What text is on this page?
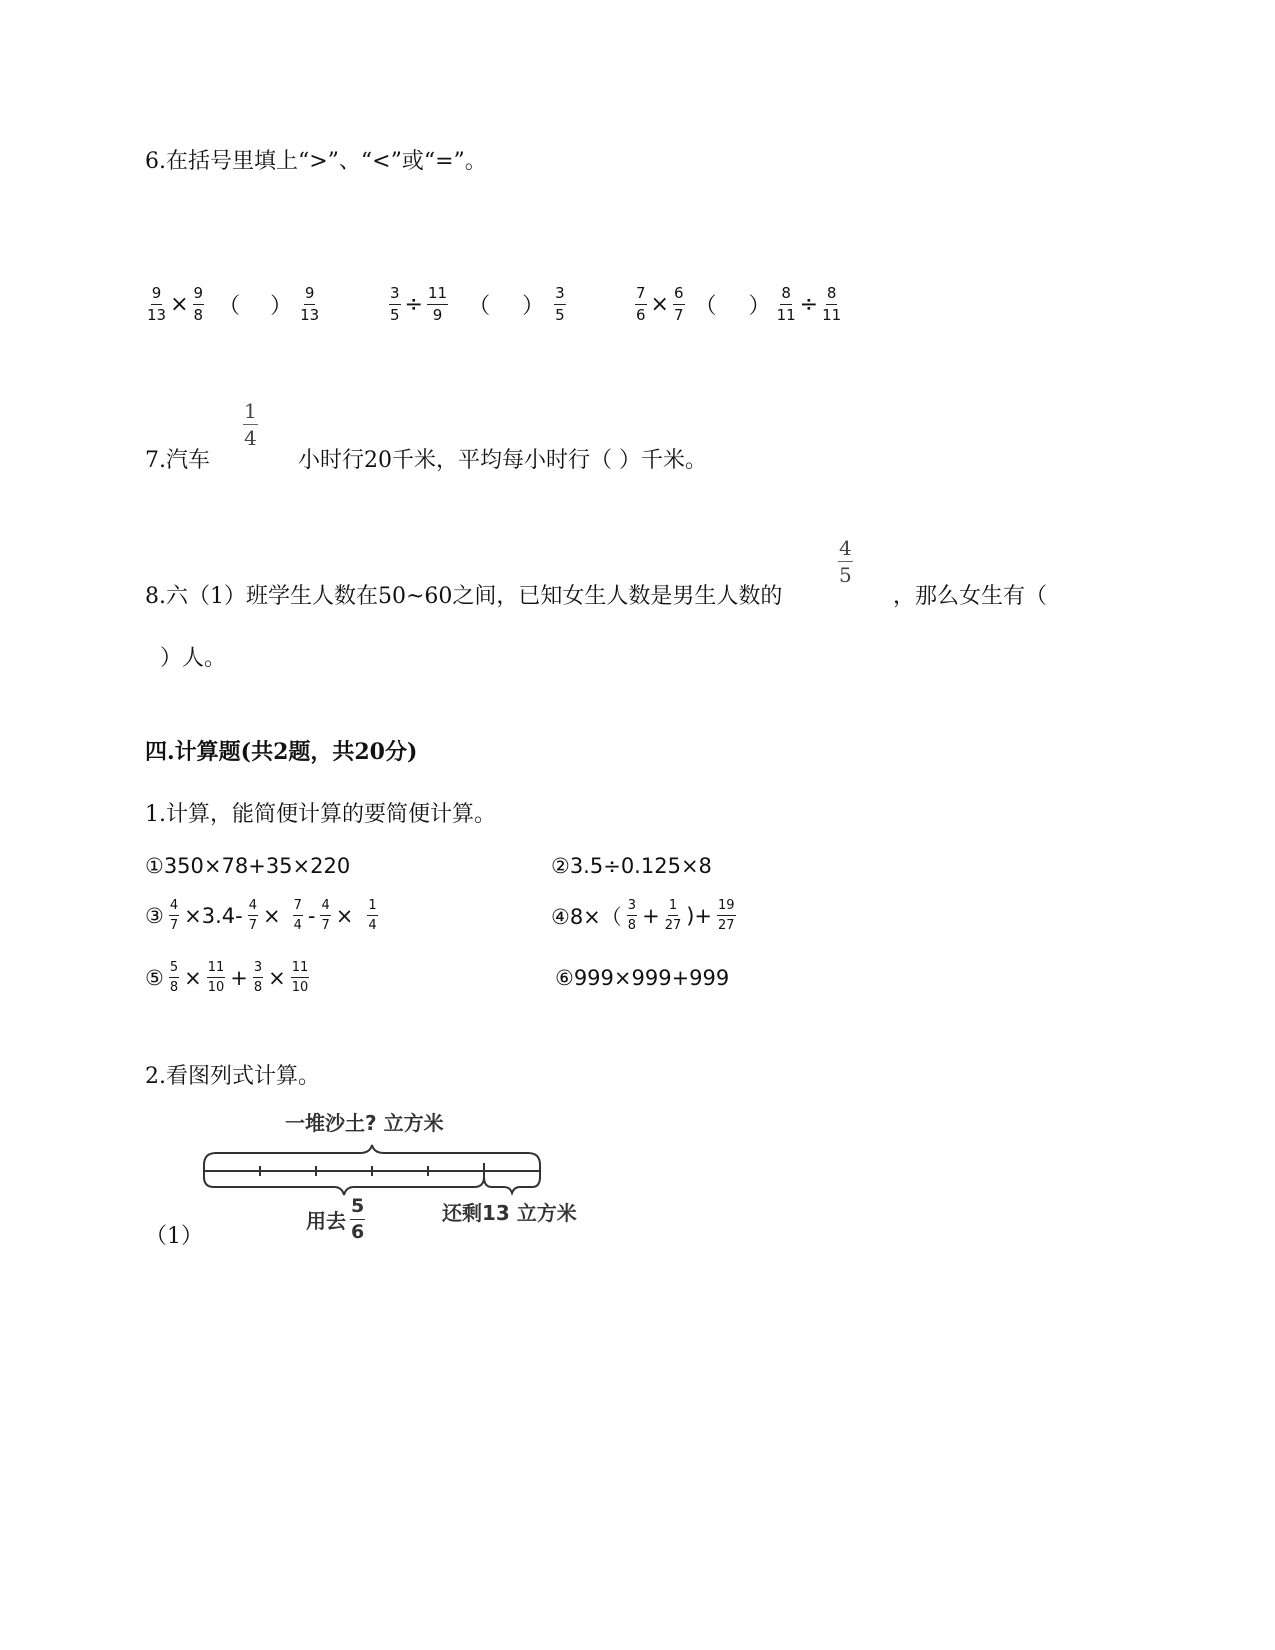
6.在括号里填上“>”、“<”或“=”。
$\frac{9}{13} \times \frac{9}{8}$ （ ） $\frac{9}{13}$	$\frac{3}{5} \div \frac{11}{9}$ （ ） $\frac{3}{5}$	$\frac{7}{6} \times \frac{6}{7}$ （ ） $\frac{8}{11} \div \frac{8}{11}$
7.汽车
$\frac{1}{4}$
小时行20千米，平均每小时行（ ）千米。
8.六（1）班学生人数在50~60之间，已知女生人数是男生人数的
$\frac{4}{5}$
，那么女生有（
）人。
四.计算题(共2题，共20分)
1.计算，能简便计算的要简便计算。
①350×78+35×220	②3.5÷0.125×8
③ $\frac{4}{7} \times 3.4- \frac{4}{7} \times \frac{7}{4} - \frac{4}{7} \times \frac{1}{4}$	④8×（ $\frac{3}{8} + \frac{1}{27}$ )+ $\frac{19}{27}$
⑤ $\frac{5}{8} \times \frac{11}{10} + \frac{3}{8} \times \frac{11}{10}$	⑥999×999+999
2.看图列式计算。
（1）
一堆沙土? 立方米
用去 $\frac{5}{6}$	还剩13 立方米
